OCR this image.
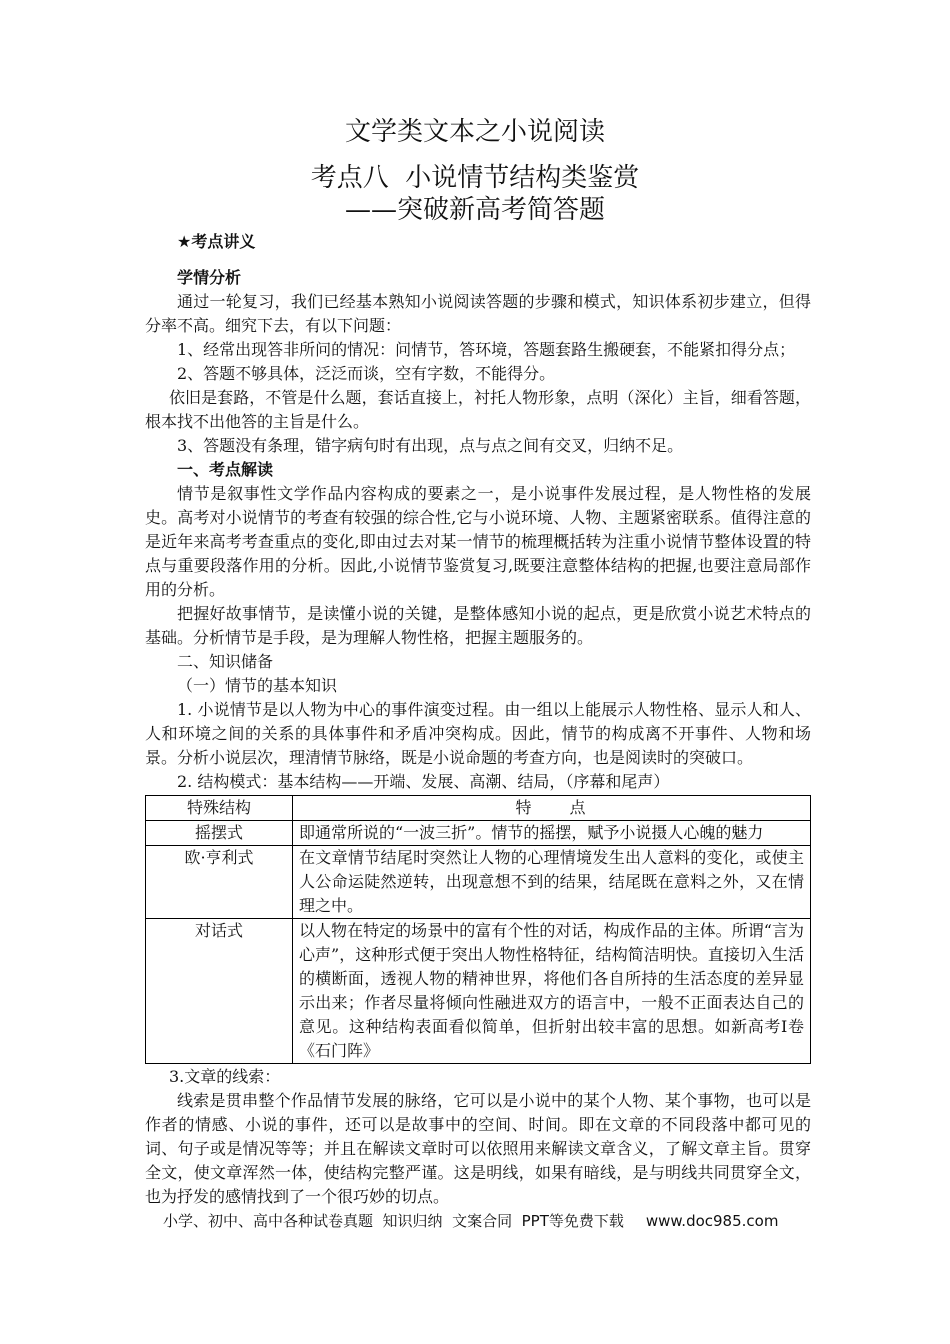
文学类文本之小说阅读
考点八  小说情节结构类鉴赏
——突破新高考简答题

★考点讲义

学情分析

通过一轮复习，我们已经基本熟知小说阅读答题的步骤和模式，知识体系初步建立，但得分率不高。细究下去，有以下问题：

1、经常出现答非所问的情况：问情节，答环境，答题套路生搬硬套，不能紧扣得分点；

2、答题不够具体，泛泛而谈，空有字数，不能得分。

依旧是套路，不管是什么题，套话直接上，衬托人物形象，点明（深化）主旨，细看答题，根本找不出他答的主旨是什么。

3、答题没有条理，错字病句时有出现，点与点之间有交叉，归纳不足。

一、考点解读

情节是叙事性文学作品内容构成的要素之一，是小说事件发展过程，是人物性格的发展史。高考对小说情节的考查有较强的综合性,它与小说环境、人物、主题紧密联系。值得注意的是近年来高考考查重点的变化,即由过去对某一情节的梳理概括转为注重小说情节整体设置的特点与重要段落作用的分析。因此,小说情节鉴赏复习,既要注意整体结构的把握,也要注意局部作用的分析。

把握好故事情节，是读懂小说的关键，是整体感知小说的起点，更是欣赏小说艺术特点的基础。分析情节是手段，是为理解人物性格，把握主题服务的。

二、知识储备

（一）情节的基本知识

1. 小说情节是以人物为中心的事件演变过程。由一组以上能展示人物性格、显示人和人、人和环境之间的关系的具体事件和矛盾冲突构成。因此，情节的构成离不开事件、人物和场景。分析小说层次，理清情节脉络，既是小说命题的考查方向，也是阅读时的突破口。

2. 结构模式：基本结构——开端、发展、高潮、结局，（序幕和尾声）

特殊结构	特　　点
摇摆式	即通常所说的“一波三折”。情节的摇摆，赋予小说摄人心魄的魅力
欧·亨利式	在文章情节结尾时突然让人物的心理情境发生出人意料的变化，或使主人公命运陡然逆转，出现意想不到的结果，结尾既在意料之外，又在情理之中。
对话式	以人物在特定的场景中的富有个性的对话，构成作品的主体。所谓“言为心声”，这种形式便于突出人物性格特征，结构简洁明快。直接切入生活的横断面，透视人物的精神世界，将他们各自所持的生活态度的差异显示出来；作者尽量将倾向性融进双方的语言中，一般不正面表达自己的意见。这种结构表面看似简单，但折射出较丰富的思想。如新高考Ⅰ卷《石门阵》

3.文章的线索：

线索是贯串整个作品情节发展的脉络，它可以是小说中的某个人物、某个事物，也可以是作者的情感、小说的事件，还可以是故事中的空间、时间。即在文章的不同段落中都可见的词、句子或是情况等等；并且在解读文章时可以依照用来解读文章含义，了解文章主旨。贯穿全文，使文章浑然一体，使结构完整严谨。这是明线，如果有暗线，是与明线共同贯穿全文，也为抒发的感情找到了一个很巧妙的切点。

小学、初中、高中各种试卷真题  知识归纳  文案合同  PPT等免费下载 www.doc985.com
